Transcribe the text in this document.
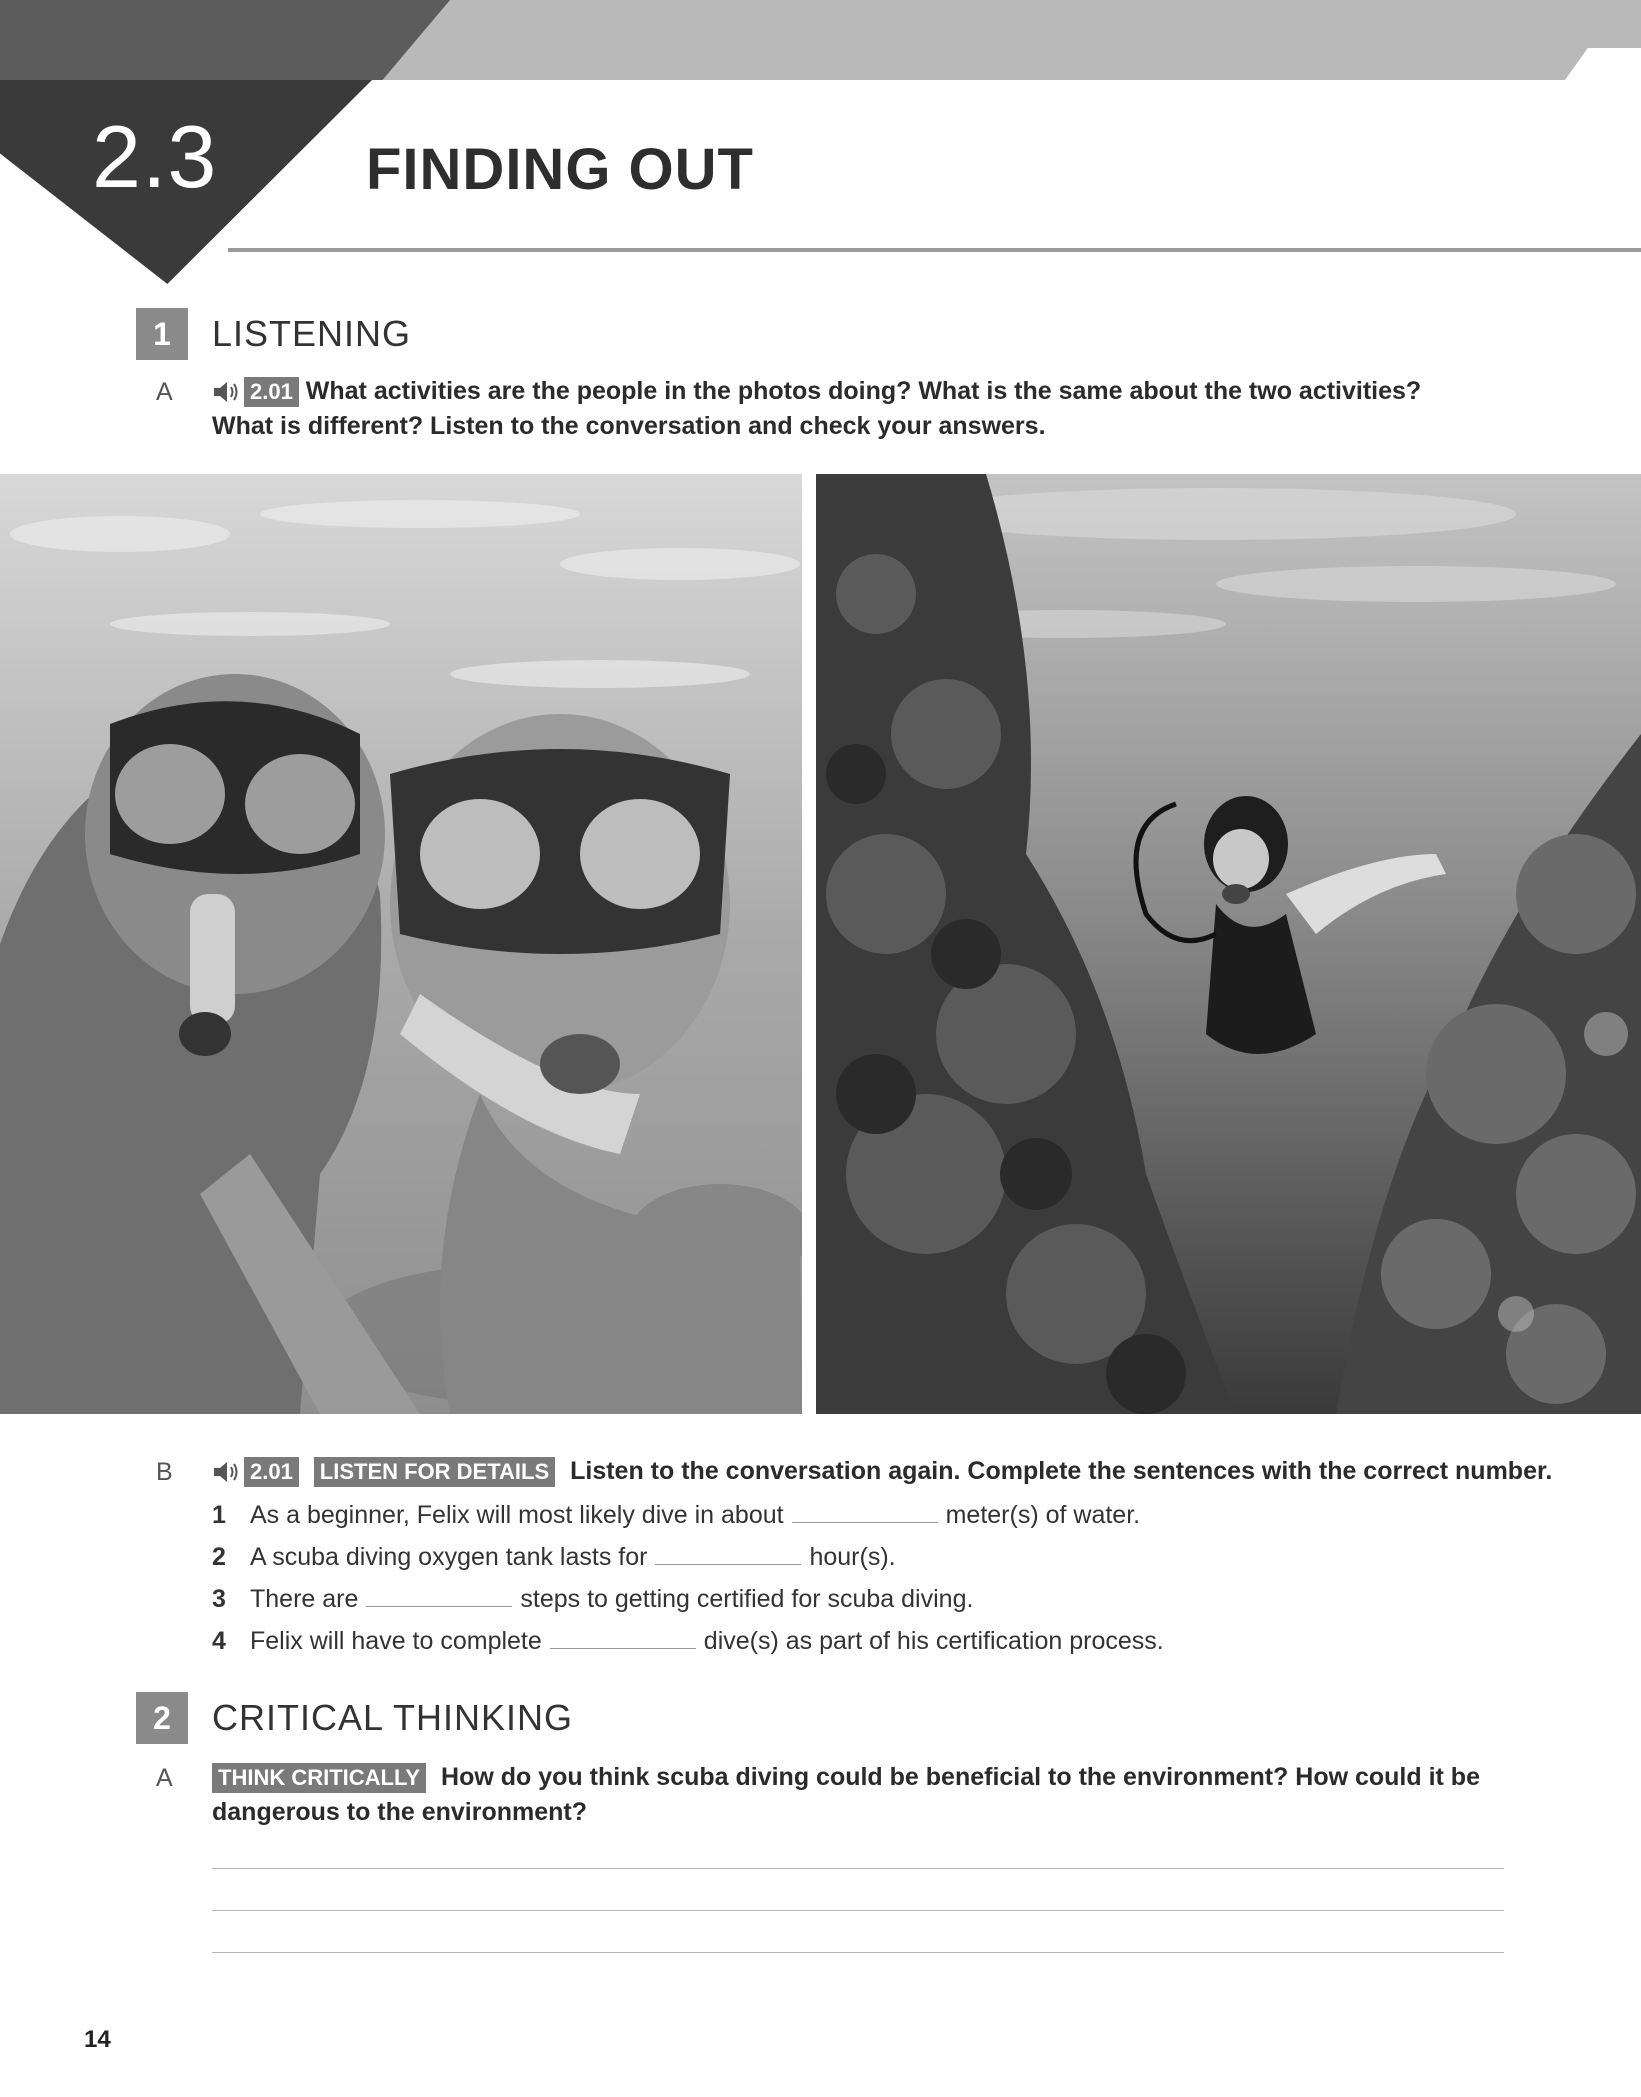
2.3	FINDING OUT
1	LISTENING
A	2.01 What activities are the people in the photos doing? What is the same about the two activities?
What is different? Listen to the conversation and check your answers.
B	2.01 LISTEN FOR DETAILS Listen to the conversation again. Complete the sentences with the correct number.
1 As a beginner, Felix will most likely dive in about	meter(s) of water.
2 A scuba diving oxygen tank lasts for	hour(s).
3 There are	steps to getting certified for scuba diving.
4 Felix will have to complete	dive(s) as part of his certification process.
2	CRITICAL THINKING
A THINK CRITICALLY How do you think scuba diving could be beneficial to the environment? How could it be
dangerous to the environment?
14
